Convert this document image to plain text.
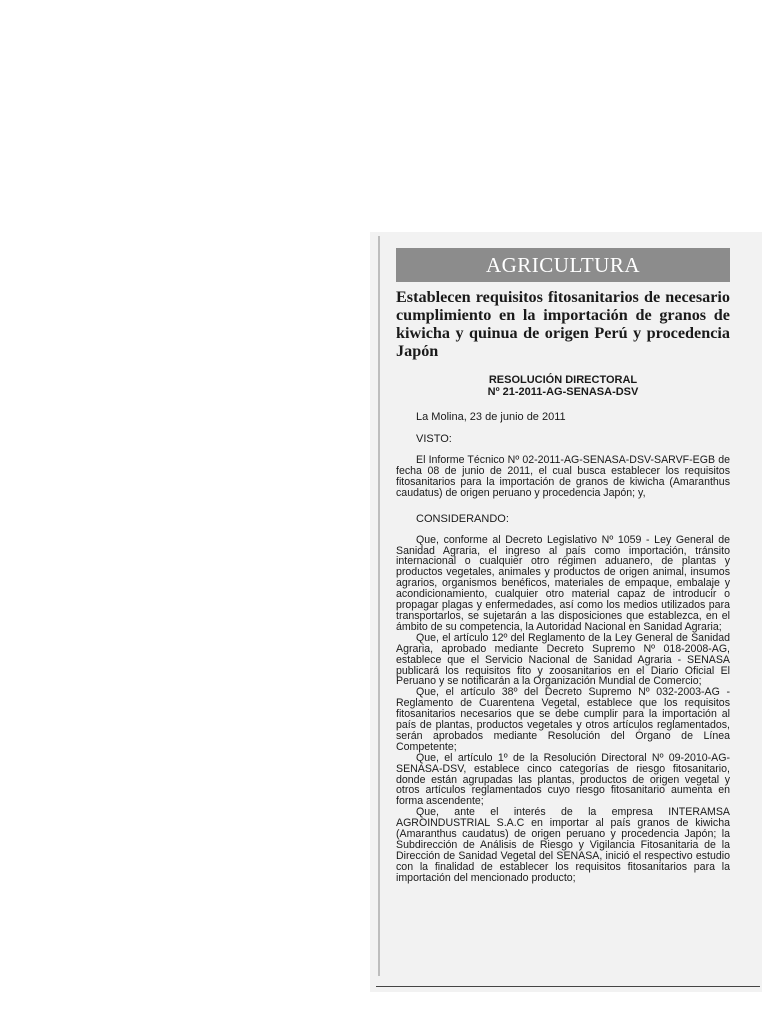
AGRICULTURA
Establecen requisitos fitosanitarios de necesario cumplimiento en la importación de granos de kiwicha y quinua de origen Perú y procedencia Japón
RESOLUCIÓN DIRECTORAL
Nº 21-2011-AG-SENASA-DSV
La Molina, 23 de junio de 2011
VISTO:

El Informe Técnico Nº 02-2011-AG-SENASA-DSV-SARVF-EGB de fecha 08 de junio de 2011, el cual busca establecer los requisitos fitosanitarios para la importación de granos de kiwicha (Amaranthus caudatus) de origen peruano y procedencia Japón; y,

CONSIDERANDO:

Que, conforme al Decreto Legislativo Nº 1059 - Ley General de Sanidad Agraria, el ingreso al país como importación, tránsito internacional o cualquier otro régimen aduanero, de plantas y productos vegetales, animales y productos de origen animal, insumos agrarios, organismos benéficos, materiales de empaque, embalaje y acondicionamiento, cualquier otro material capaz de introducir o propagar plagas y enfermedades, así como los medios utilizados para transportarlos, se sujetarán a las disposiciones que establezca, en el ámbito de su competencia, la Autoridad Nacional en Sanidad Agraria;

Que, el artículo 12º del Reglamento de la Ley General de Sanidad Agraria, aprobado mediante Decreto Supremo Nº 018-2008-AG, establece que el Servicio Nacional de Sanidad Agraria - SENASA publicará los requisitos fito y zoosanitarios en el Diario Oficial El Peruano y se notificarán a la Organización Mundial de Comercio;

Que, el artículo 38º del Decreto Supremo Nº 032-2003-AG - Reglamento de Cuarentena Vegetal, establece que los requisitos fitosanitarios necesarios que se debe cumplir para la importación al país de plantas, productos vegetales y otros artículos reglamentados, serán aprobados mediante Resolución del Órgano de Línea Competente;

Que, el artículo 1º de la Resolución Directoral Nº 09-2010-AG-SENASA-DSV, establece cinco categorías de riesgo fitosanitario, donde están agrupadas las plantas, productos de origen vegetal y otros artículos reglamentados cuyo riesgo fitosanitario aumenta en forma ascendente;

Que, ante el interés de la empresa INTERAMSA AGROINDUSTRIAL S.A.C en importar al país granos de kiwicha (Amaranthus caudatus) de origen peruano y procedencia Japón; la Subdirección de Análisis de Riesgo y Vigilancia Fitosanitaria de la Dirección de Sanidad Vegetal del SENASA, inició el respectivo estudio con la finalidad de establecer los requisitos fitosanitarios para la importación del mencionado producto;
